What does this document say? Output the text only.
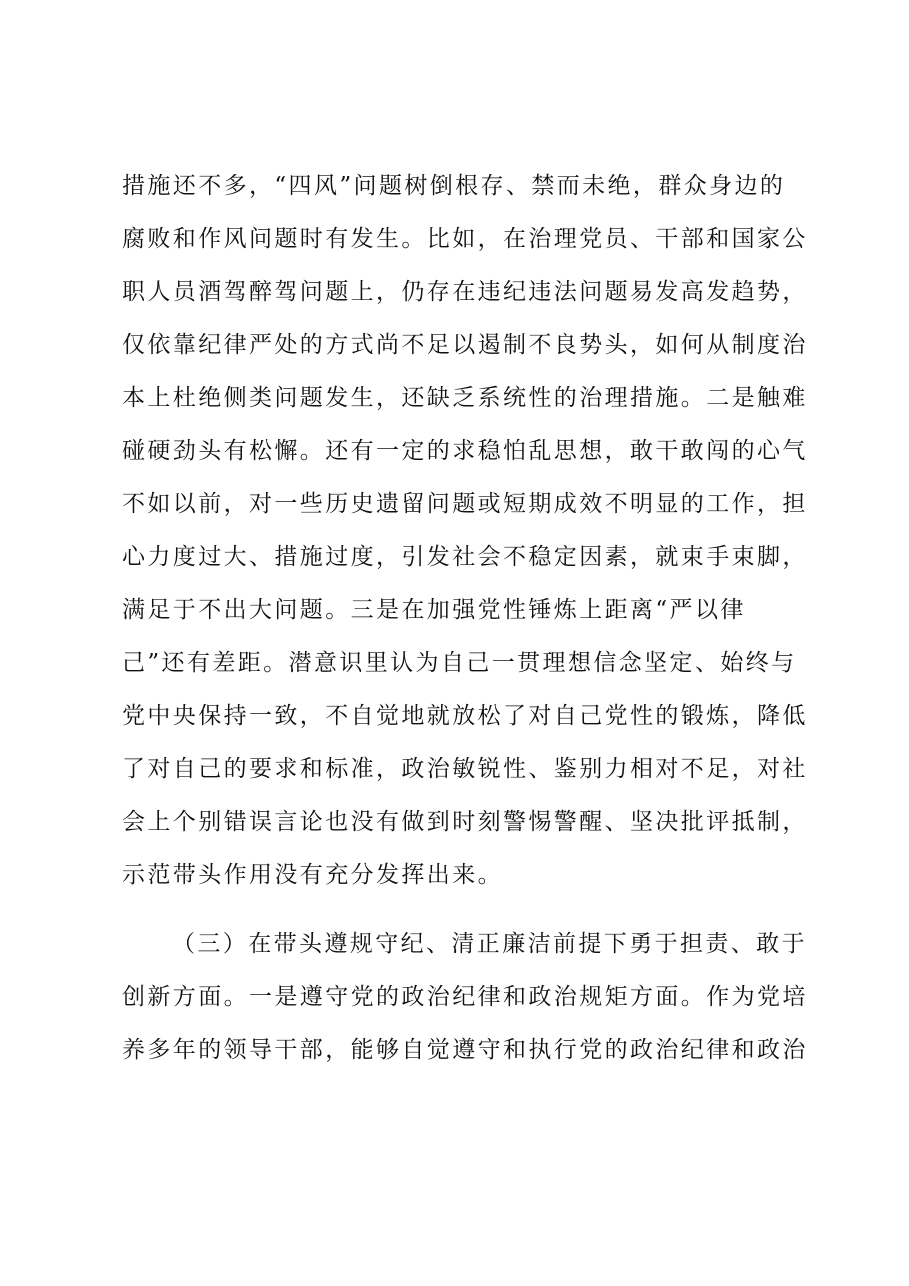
措施还不多，“四风”问题树倒根存、禁而未绝，群众身边的
腐败和作风问题时有发生。比如，在治理党员、干部和国家公
职人员酒驾醉驾问题上，仍存在违纪违法问题易发高发趋势，
仅依靠纪律严处的方式尚不足以遏制不良势头，如何从制度治
本上杜绝侧类问题发生，还缺乏系统性的治理措施。二是触难
碰硬劲头有松懈。还有一定的求稳怕乱思想，敢干敢闯的心气
不如以前，对一些历史遗留问题或短期成效不明显的工作，担
心力度过大、措施过度，引发社会不稳定因素，就束手束脚，
满足于不出大问题。三是在加强党性锤炼上距离“严以律
己”还有差距。潜意识里认为自己一贯理想信念坚定、始终与
党中央保持一致，不自觉地就放松了对自己党性的锻炼，降低
了对自己的要求和标准，政治敏锐性、鉴别力相对不足，对社
会上个别错误言论也没有做到时刻警惕警醒、坚决批评抵制，
示范带头作用没有充分发挥出来。
（三）在带头遵规守纪、清正廉洁前提下勇于担责、敢于
创新方面。一是遵守党的政治纪律和政治规矩方面。作为党培
养多年的领导干部，能够自觉遵守和执行党的政治纪律和政治
